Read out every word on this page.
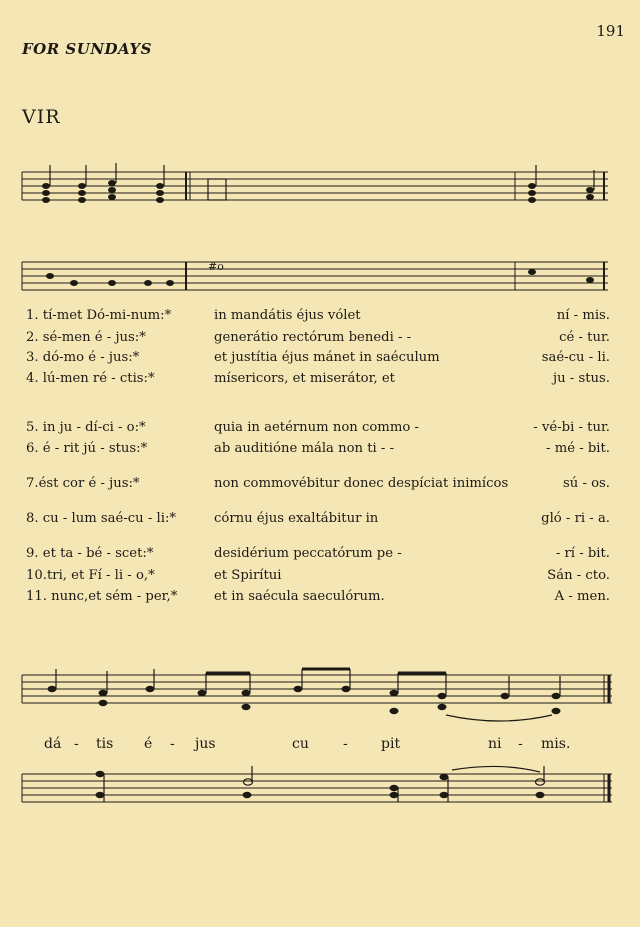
FOR SUNDAYS
191
VIR
#o
1. tí-met Dó-mi-num:*	in mandátis éjus vólet	ní - mis.
2. sé-men é - jus:*	generátio rectórum benedi - -	cé - tur.
3. dó-mo é - jus:*	et justítia éjus mánet in saéculum	saé-cu - li.
4. lú-men ré - ctis:*	mísericors, et miserátor, et	ju - stus.
5. in ju - dí-ci - o:*	quia in aetérnum non commo -	- vé-bi - tur.
6. é - rit jú - stus:*	ab auditióne mála non ti - -	- mé - bit.
7.ést cor é - jus:*	non commovébitur donec despíciat inimícos	sú - os.
8. cu - lum saé-cu - li:*	córnu éjus exaltábitur in	gló - ri - a.
9. et ta - bé - scet:*	desidérium peccatórum pe -	- rí - bit.
10.tri, et Fí - li - o,*	et Spirítui	Sán - cto.
11. nunc,et sém - per,*	et in saécula saeculórum.	A - men.
dá - tis é - jus	cu - pit	ni - mis.
